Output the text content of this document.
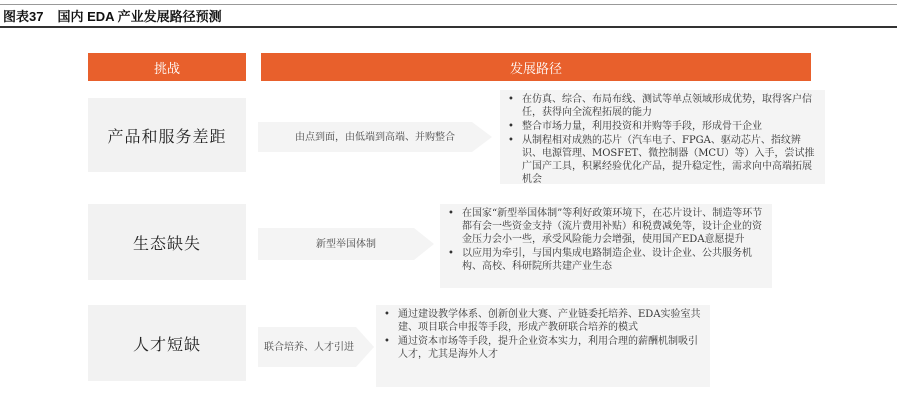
图表37 国内 EDA 产业发展路径预测
挑战	发展路径
产品和服务差距	由点到面，由低端到高端、并购整合
• 在仿真、综合、布局布线、测试等单点领域形成优势，取得客户信任，获得向全流程拓展的能力
• 整合市场力量，利用投资和并购等手段，形成骨干企业
• 从制程相对成熟的芯片（汽车电子、FPGA、驱动芯片、指纹辨识、电源管理、MOSFET、微控制器（MCU）等）入手，尝试推广国产工具，积累经验优化产品，提升稳定性，需求向中高端拓展机会
生态缺失	新型举国体制
• 在国家“新型举国体制”等利好政策环境下，在芯片设计、制造等环节都有会一些资金支持（流片费用补贴）和税费减免等，设计企业的资金压力会小一些，承受风险能力会增强，使用国产EDA意愿提升
• 以应用为牵引，与国内集成电路制造企业、设计企业、公共服务机构、高校、科研院所共建产业生态
人才短缺	联合培养、人才引进
• 通过建设教学体系、创新创业大赛、产业链委托培养、EDA实验室共建、项目联合申报等手段，形成产教研联合培养的模式
• 通过资本市场等手段，提升企业资本实力，利用合理的薪酬机制吸引人才，尤其是海外人才
